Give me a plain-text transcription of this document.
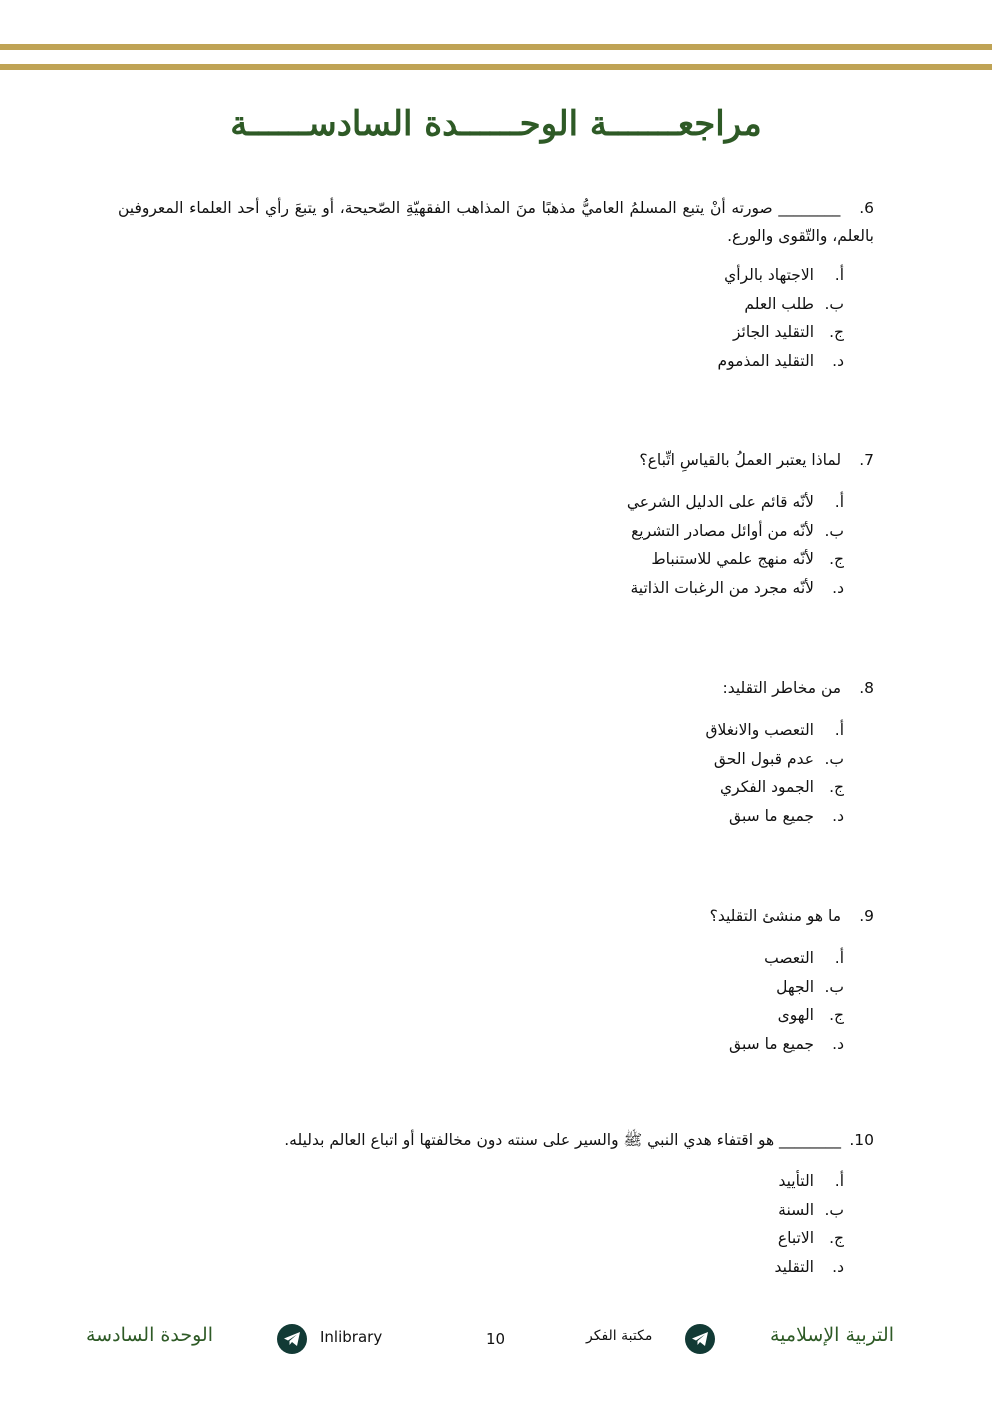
مراجعـــــــة الوحــــــدة السادســــــة
6. ________ صورته أنْ يتبع المسلمُ العاميُّ مذهبًا منَ المذاهب الفقهيّةِ الصّحيحة، أو يتبعَ رأي أحد العلماء المعروفين بالعلم، والتّقوى والورع.
أ.الاجتهاد بالرأي
ب.طلب العلم
ج.التقليد الجائز
د.التقليد المذموم
7. لماذا يعتبر العملُ بالقياسِ اتِّباع؟
أ.لأنّه قائم على الدليل الشرعي
ب.لأنّه من أوائل مصادر التشريع
ج.لأنّه منهج علمي للاستنباط
د.لأنّه مجرد من الرغبات الذاتية
8. من مخاطر التقليد:
أ.التعصب والانغلاق
ب.عدم قبول الحق
ج.الجمود الفكري
د.جميع ما سبق
9. ما هو منشئ التقليد؟
أ.التعصب
ب.الجهل
ج.الهوى
د.جميع ما سبق
10. ________ هو اقتفاء هدي النبي ﷺ والسير على سنته دون مخالفتها أو اتباع العالم بدليله.
أ.التأييد
ب.السنة
ج.الاتباع
د.التقليد
التربية الإسلامية
مكتبة الفكر
10
Inlibrary
الوحدة السادسة
